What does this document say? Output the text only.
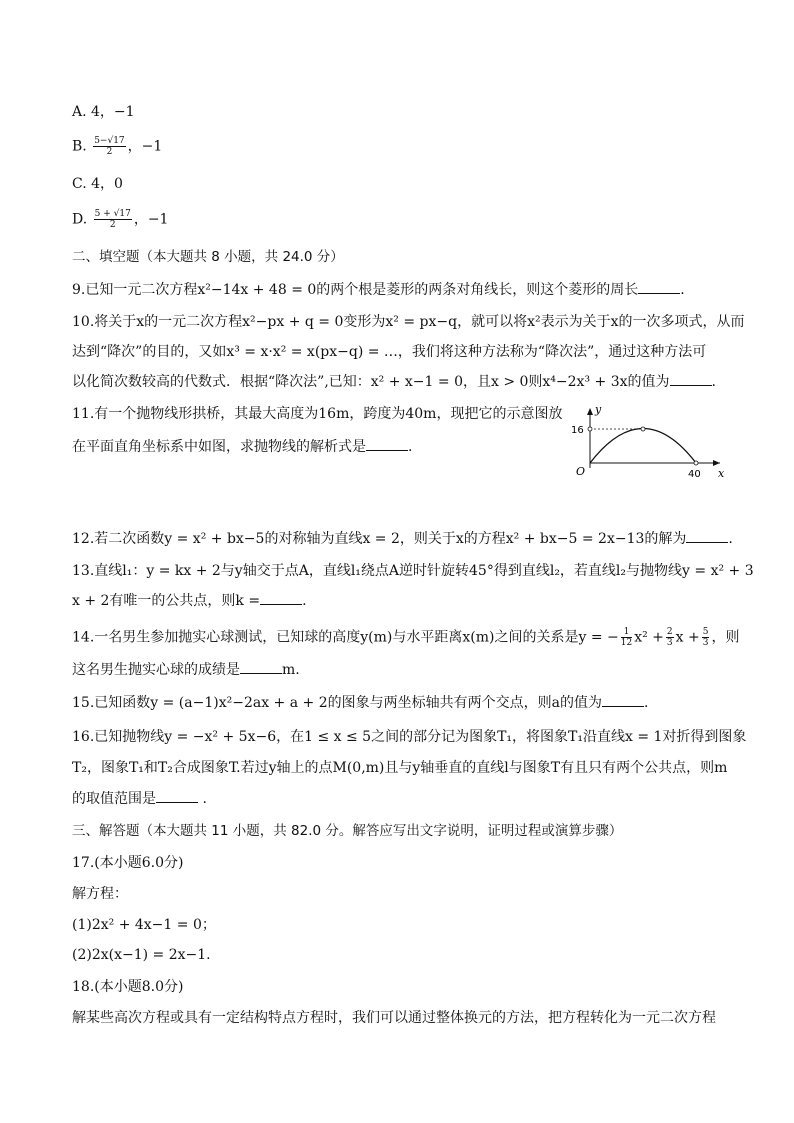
A. 4，−1
B. $\frac{5-√17}{2}$ ，−1
C. 4，0
D. $\frac{5 + √17}{2}$ ，−1
二、填空题（本大题共 8 小题，共 24.0 分）
9.已知一元二次方程x²−14x + 48 = 0的两个根是菱形的两条对角线长，则这个菱形的周长	.
10.将关于x的一元二次方程x²−px + q = 0变形为x² = px−q，就可以将x²表示为关于x的一次多项式，从而
达到“降次”的目的，又如x³ = x·x² = x(px−q) = …，我们将这种方法称为“降次法”，通过这种方法可
以化简次数较高的代数式．根据“降次法”,已知：x² + x−1 = 0，且x > 0则x⁴−2x³ + 3x的值为	.
11.有一个抛物线形拱桥，其最大高度为16m，跨度为40m，现把它的示意图放
在平面直角坐标系中如图，求抛物线的解析式是	.
y
x
O
16
40
12.若二次函数y = x² + bx−5的对称轴为直线x = 2，则关于x的方程x² + bx−5 = 2x−13的解为	.
13.直线l₁：y = kx + 2与y轴交于点A，直线l₁绕点A逆时针旋转45°得到直线l₂，若直线l₂与抛物线y = x² + 3
x + 2有唯一的公共点，则k =	.
14.一名男生参加抛实心球测试，已知球的高度y(m)与水平距离x(m)之间的关系是y = − $\frac{1}{12} x^2 + \frac{2}{3}$ $x + \frac{5}{3}$ ，则
这名男生抛实心球的成绩是	m.
15.已知函数y = (a−1)x²−2ax + a + 2的图象与两坐标轴共有两个交点，则a的值为	.
16.已知抛物线y = −x² + 5x−6，在1 ≤ x ≤ 5之间的部分记为图象T₁，将图象T₁沿直线x = 1对折得到图象
T₂，图象T₁和T₂合成图象T.若过y轴上的点M(0,m)且与y轴垂直的直线l与图象T有且只有两个公共点，则m
的取值范围是	.
三、解答题（本大题共 11 小题，共 82.0 分。解答应写出文字说明，证明过程或演算步骤）
17.(本小题6.0分)
解方程：
(1)2x² + 4x−1 = 0；
(2)2x(x−1) = 2x−1.
18.(本小题8.0分)
解某些高次方程或具有一定结构特点方程时，我们可以通过整体换元的方法，把方程转化为一元二次方程
